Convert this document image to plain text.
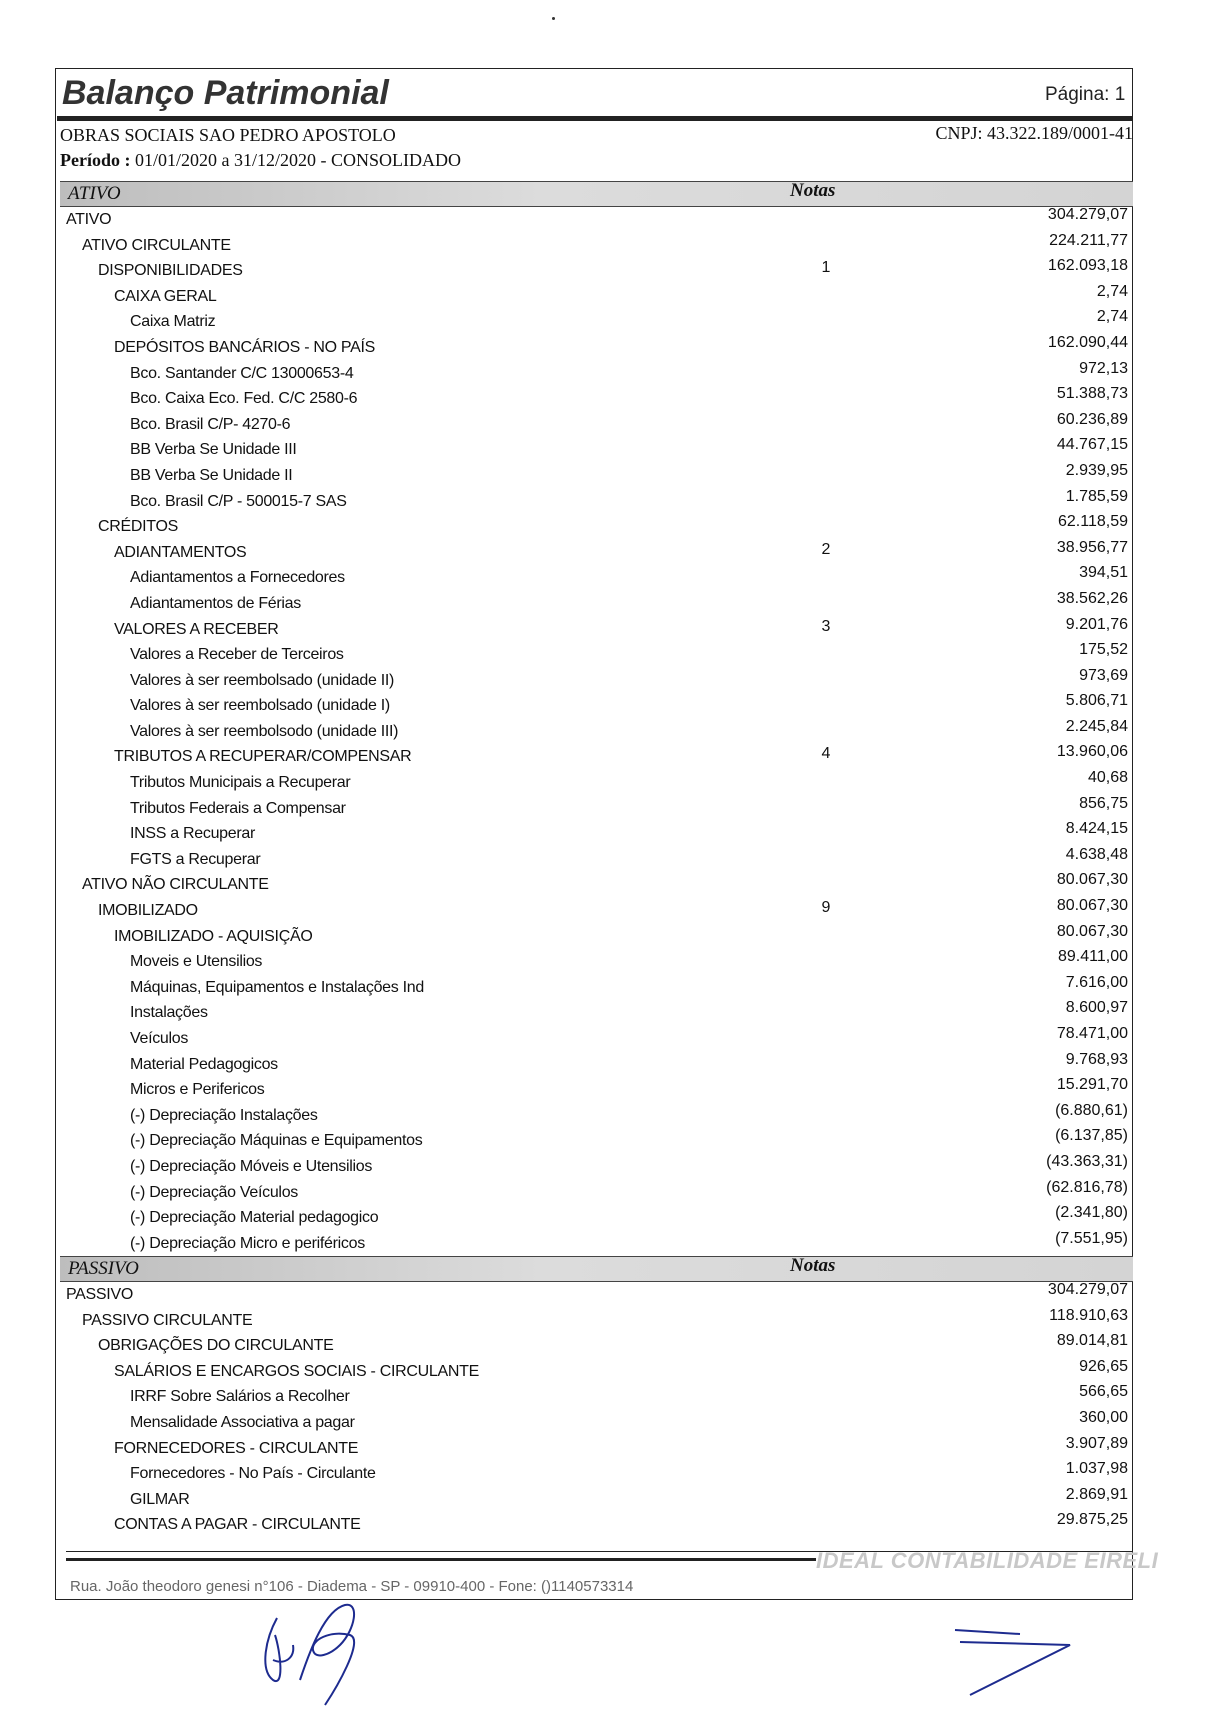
Balanço Patrimonial	Página: 1
OBRAS SOCIAIS SAO PEDRO APOSTOLO	CNPJ: 43.322.189/0001-41
Período : 01/01/2020 a 31/12/2020 - CONSOLIDADO
ATIVO	Notas
ATIVO	304.279,07
ATIVO CIRCULANTE	224.211,77
DISPONIBILIDADES	1	162.093,18
CAIXA GERAL	2,74
Caixa Matriz	2,74
DEPÓSITOS BANCÁRIOS - NO PAÍS	162.090,44
Bco. Santander C/C 13000653-4	972,13
Bco. Caixa Eco. Fed. C/C 2580-6	51.388,73
Bco. Brasil C/P- 4270-6	60.236,89
BB Verba Se Unidade III	44.767,15
BB Verba Se Unidade II	2.939,95
Bco. Brasil C/P - 500015-7 SAS	1.785,59
CRÉDITOS	62.118,59
ADIANTAMENTOS	2	38.956,77
Adiantamentos a Fornecedores	394,51
Adiantamentos de Férias	38.562,26
VALORES A RECEBER	3	9.201,76
Valores a Receber de Terceiros	175,52
Valores à ser reembolsado (unidade II)	973,69
Valores à ser reembolsado (unidade I)	5.806,71
Valores à ser reembolsodo (unidade III)	2.245,84
TRIBUTOS A RECUPERAR/COMPENSAR	4	13.960,06
Tributos Municipais a Recuperar	40,68
Tributos Federais a Compensar	856,75
INSS a Recuperar	8.424,15
FGTS a Recuperar	4.638,48
ATIVO NÃO CIRCULANTE	80.067,30
IMOBILIZADO	9	80.067,30
IMOBILIZADO - AQUISIÇÃO	80.067,30
Moveis e Utensilios	89.411,00
Máquinas, Equipamentos e Instalações Ind	7.616,00
Instalações	8.600,97
Veículos	78.471,00
Material Pedagogicos	9.768,93
Micros e Perifericos	15.291,70
(-) Depreciação Instalações	(6.880,61)
(-) Depreciação Máquinas e Equipamentos	(6.137,85)
(-) Depreciação Móveis e Utensilios	(43.363,31)
(-) Depreciação Veículos	(62.816,78)
(-) Depreciação Material pedagogico	(2.341,80)
(-) Depreciação Micro e periféricos	(7.551,95)
PASSIVO	Notas
PASSIVO	304.279,07
PASSIVO CIRCULANTE	118.910,63
OBRIGAÇÕES DO CIRCULANTE	89.014,81
SALÁRIOS E ENCARGOS SOCIAIS - CIRCULANTE	926,65
IRRF Sobre Salários a Recolher	566,65
Mensalidade Associativa a pagar	360,00
FORNECEDORES - CIRCULANTE	3.907,89
Fornecedores - No País - Circulante	1.037,98
GILMAR	2.869,91
CONTAS A PAGAR - CIRCULANTE	29.875,25
IDEAL CONTABILIDADE EIRELI
Rua. João theodoro genesi n°106 - Diadema - SP - 09910-400 - Fone: ()1140573314
